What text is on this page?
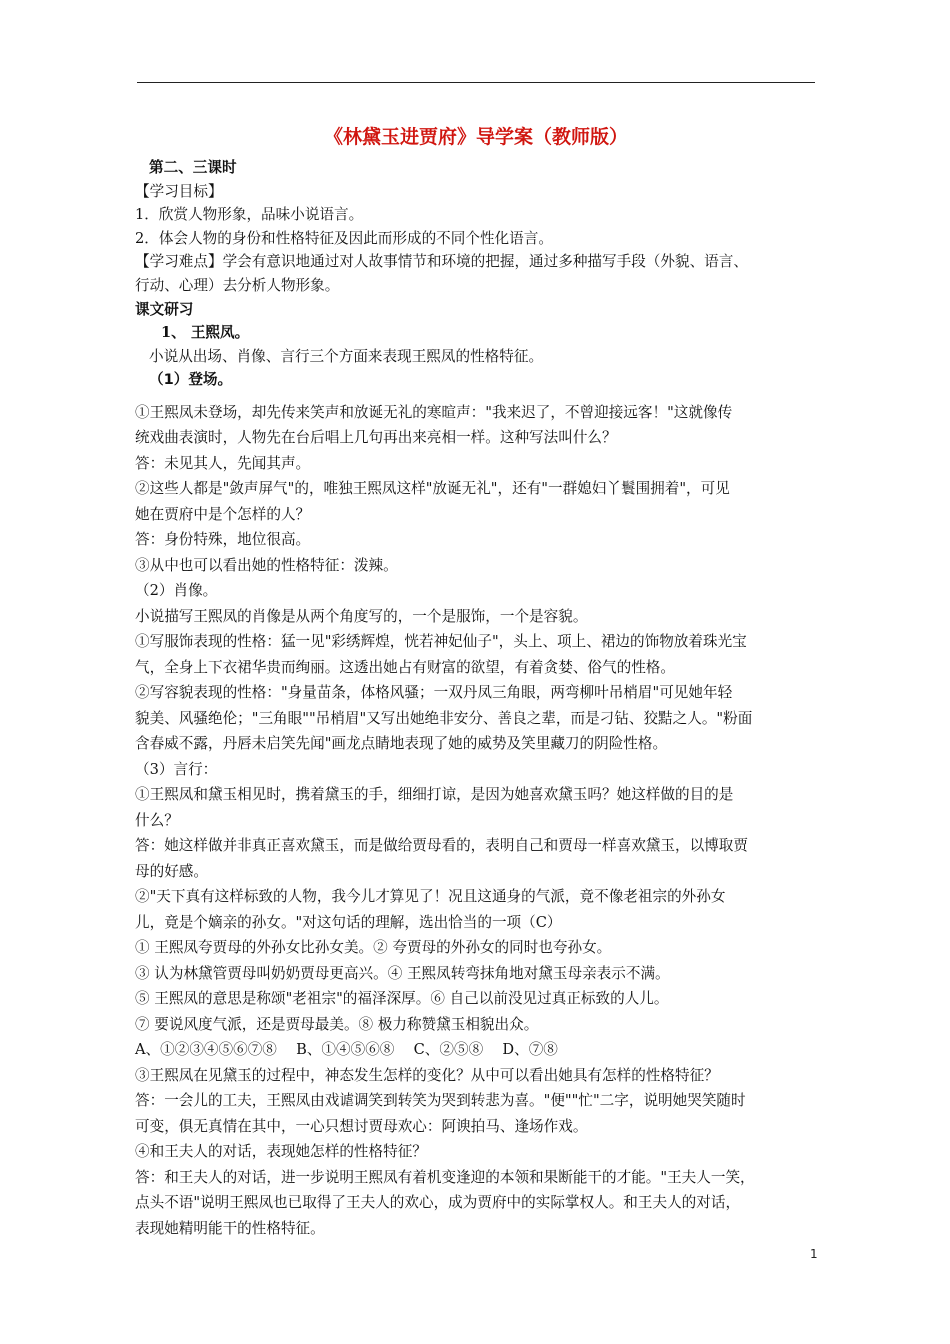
《林黛玉进贾府》导学案（教师版）

第二、三课时

【学习目标】

1．欣赏人物形象，品味小说语言。

2．体会人物的身份和性格特征及因此而形成的不同个性化语言。

【学习难点】学会有意识地通过对人故事情节和环境的把握，通过多种描写手段（外貌、语言、

行动、心理）去分析人物形象。

课文研习

1、 王熙凤。

小说从出场、肖像、言行三个方面来表现王熙凤的性格特征。

（1）登场。

①王熙凤未登场，却先传来笑声和放诞无礼的寒暄声："我来迟了，不曾迎接远客！"这就像传

统戏曲表演时，人物先在台后唱上几句再出来亮相一样。这种写法叫什么？

答：未见其人，先闻其声。

②这些人都是"敛声屏气"的，唯独王熙凤这样"放诞无礼"，还有"一群媳妇丫鬟围拥着"，可见

她在贾府中是个怎样的人？

答：身份特殊，地位很高。

③从中也可以看出她的性格特征：泼辣。

（2）肖像。

小说描写王熙凤的肖像是从两个角度写的，一个是服饰，一个是容貌。

①写服饰表现的性格：猛一见"彩绣辉煌，恍若神妃仙子"，头上、项上、裙边的饰物放着珠光宝

气，全身上下衣裙华贵而绚丽。这透出她占有财富的欲望，有着贪婪、俗气的性格。

②写容貌表现的性格："身量苗条，体格风骚；一双丹凤三角眼，两弯柳叶吊梢眉"可见她年轻

貌美、风骚绝伦；"三角眼""吊梢眉"又写出她绝非安分、善良之辈，而是刁钻、狡黠之人。"粉面

含春威不露，丹唇未启笑先闻"画龙点睛地表现了她的威势及笑里藏刀的阴险性格。

（3）言行：

①王熙凤和黛玉相见时，携着黛玉的手，细细打谅，是因为她喜欢黛玉吗？她这样做的目的是

什么？

答：她这样做并非真正喜欢黛玉，而是做给贾母看的，表明自己和贾母一样喜欢黛玉，以博取贾

母的好感。

②"天下真有这样标致的人物，我今儿才算见了！况且这通身的气派，竟不像老祖宗的外孙女

儿，竟是个嫡亲的孙女。"对这句话的理解，选出恰当的一项（C）

① 王熙凤夸贾母的外孙女比孙女美。② 夸贾母的外孙女的同时也夸孙女。

③ 认为林黛管贾母叫奶奶贾母更高兴。④ 王熙凤转弯抹角地对黛玉母亲表示不满。

⑤ 王熙凤的意思是称颂"老祖宗"的福泽深厚。⑥ 自己以前没见过真正标致的人儿。

⑦ 要说风度气派，还是贾母最美。⑧ 极力称赞黛玉相貌出众。

A、①②③④⑤⑥⑦⑧　 B、①④⑤⑥⑧　 C、②⑤⑧　 D、⑦⑧

③王熙凤在见黛玉的过程中，神态发生怎样的变化？从中可以看出她具有怎样的性格特征？

答：一会儿的工夫，王熙凤由戏谑调笑到转笑为哭到转悲为喜。"便""忙"二字，说明她哭笑随时

可变，俱无真情在其中，一心只想讨贾母欢心：阿谀拍马、逢场作戏。

④和王夫人的对话，表现她怎样的性格特征？

答：和王夫人的对话，进一步说明王熙凤有着机变逢迎的本领和果断能干的才能。"王夫人一笑，

点头不语"说明王熙凤也已取得了王夫人的欢心，成为贾府中的实际掌权人。和王夫人的对话，

表现她精明能干的性格特征。

1
